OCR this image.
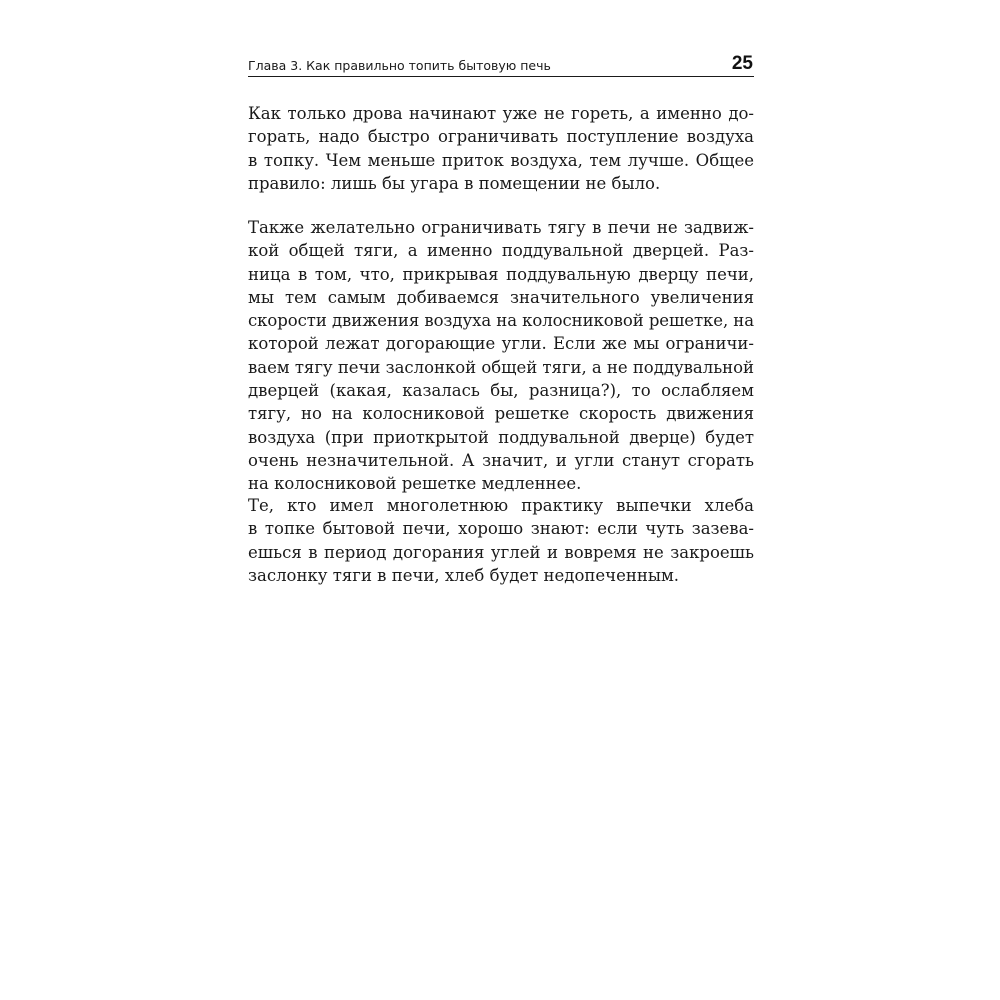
Глава 3. Как правильно топить бытовую печь	25
Как только дрова начинают уже не гореть, а именно до-
горать, надо быстро ограничивать поступление воздуха
в топку. Чем меньше приток воздуха, тем лучше. Общее
правило: лишь бы угара в помещении не было.
Также желательно ограничивать тягу в печи не задвиж-
кой общей тяги, а именно поддувальной дверцей. Раз-
ница в том, что, прикрывая поддувальную дверцу печи,
мы тем самым добиваемся значительного увеличения
скорости движения воздуха на колосниковой решетке, на
которой лежат догорающие угли. Если же мы ограничи-
ваем тягу печи заслонкой общей тяги, а не поддувальной
дверцей (какая, казалась бы, разница?), то ослабляем
тягу, но на колосниковой решетке скорость движения
воздуха (при приоткрытой поддувальной дверце) будет
очень незначительной. А значит, и угли станут сгорать
на колосниковой решетке медленнее.
Те, кто имел многолетнюю практику выпечки хлеба
в топке бытовой печи, хорошо знают: если чуть зазева-
ешься в период догорания углей и вовремя не закроешь
заслонку тяги в печи, хлеб будет недопеченным.
